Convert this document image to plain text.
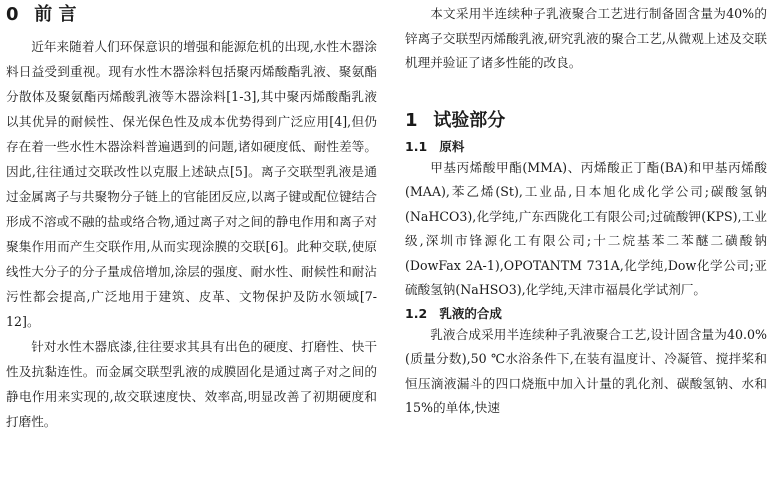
0 前 言

近年来随着人们环保意识的增强和能源危机的出现,水性木器涂料日益受到重视。现有水性木器涂料包括聚丙烯酸酯乳液、聚氨酯分散体及聚氨酯丙烯酸乳液等木器涂料[1-3],其中聚丙烯酸酯乳液以其优异的耐候性、保光保色性及成本优势得到广泛应用[4],但仍存在着一些水性木器涂料普遍遇到的问题,诸如硬度低、耐性差等。因此,往往通过交联改性以克服上述缺点[5]。离子交联型乳液是通过金属离子与共聚物分子链上的官能团反应,以离子键或配位键结合形成不溶或不融的盐或络合物,通过离子对之间的静电作用和离子对聚集作用而产生交联作用,从而实现涂膜的交联[6]。此种交联,使原线性大分子的分子量成倍增加,涂层的强度、耐水性、耐候性和耐沾污性都会提高,广泛地用于建筑、皮革、文物保护及防水领域[7-12]。

针对水性木器底漆,往往要求其具有出色的硬度、打磨性、快干性及抗黏连性。而金属交联型乳液的成膜固化是通过离子对之间的静电作用来实现的,故交联速度快、效率高,明显改善了初期硬度和打磨性。

本文采用半连续种子乳液聚合工艺进行制备固含量为40%的锌离子交联型丙烯酸乳液,研究乳液的聚合工艺,从微观上述及交联机理并验证了诸多性能的改良。

1 试验部分
1.1 原料

甲基丙烯酸甲酯(MMA)、丙烯酸正丁酯(BA)和甲基丙烯酸(MAA),苯乙烯(St),工业品,日本旭化成化学公司;碳酸氢钠(NaHCO3),化学纯,广东西陇化工有限公司;过硫酸钾(KPS),工业级,深圳市锋源化工有限公司;十二烷基苯二苯醚二磺酸钠(DowFax 2A-1),OPOTANTM 731A,化学纯,Dow化学公司;亚硫酸氢钠(NaHSO3),化学纯,天津市福晨化学试剂厂。

1.2 乳液的合成

乳液合成采用半连续种子乳液聚合工艺,设计固含量为40.0%(质量分数),50 ℃水浴条件下,在装有温度计、冷凝管、搅拌桨和恒压滴液漏斗的四口烧瓶中加入计量的乳化剂、碳酸氢钠、水和15%的单体,快速
